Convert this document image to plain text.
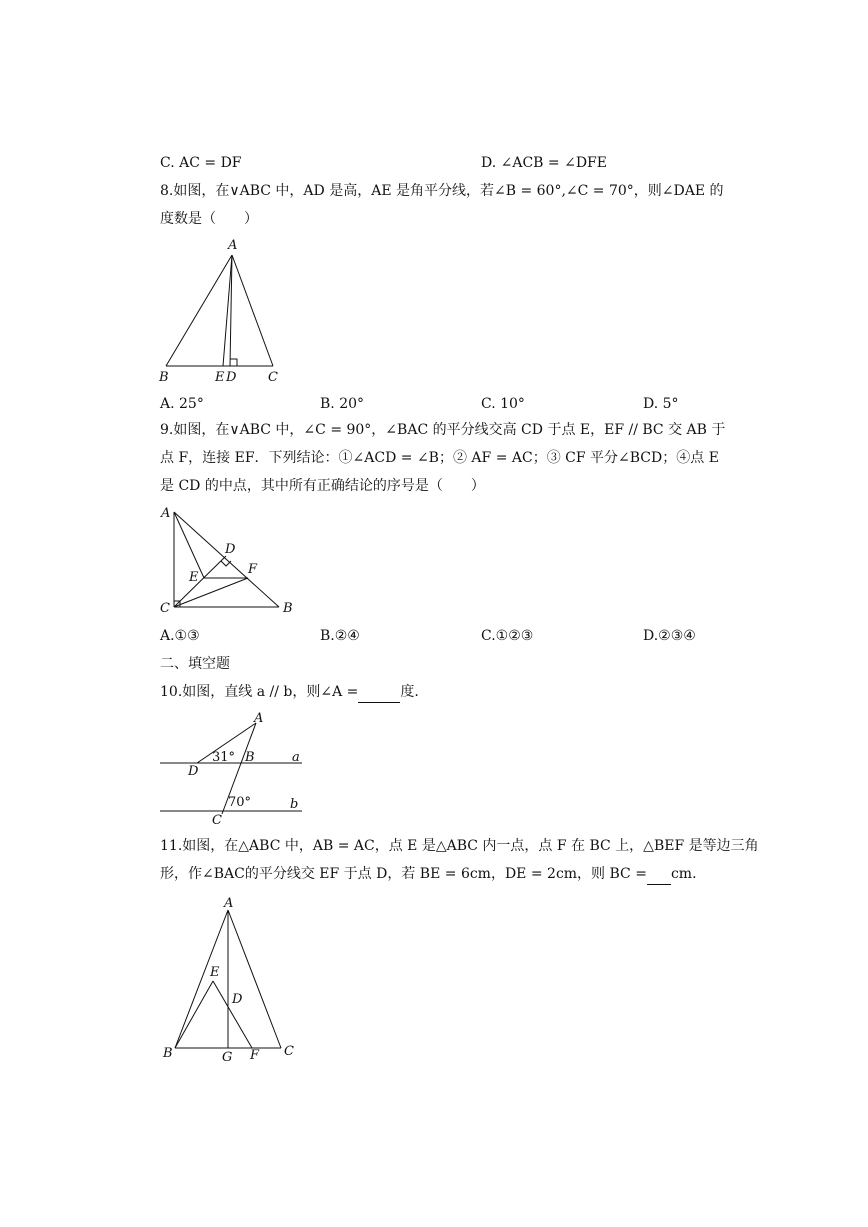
C. AC = DF	D. ∠ACB = ∠DFE
8.如图，在∨ABC 中，AD 是高，AE 是角平分线，若∠B = 60°,∠C = 70°，则∠DAE 的
度数是（　　）
A
B	E D C
A. 25°	B. 20°	C. 10°	D. 5°
9.如图，在∨ABC 中，∠C = 90°，∠BAC 的平分线交高 CD 于点 E，EF // BC 交 AB 于
点 F，连接 EF．下列结论：①∠ACD = ∠B；② AF = AC；③ CF 平分∠BCD；④点 E
是 CD 的中点，其中所有正确结论的序号是（　　）
A
D
E
F
C	B
A.①③	B.②④	C.①②③	D.②③④
二、填空题
10.如图，直线 a // b，则∠A =	度.
A
31° B	a
D
70°	b
C
11.如图，在△ABC 中，AB = AC，点 E 是△ABC 内一点，点 F 在 BC 上，△BEF 是等边三角
形，作∠BAC的平分线交 EF 于点 D，若 BE = 6cm，DE = 2cm，则 BC = cm.
A
E
D
B	G F C
